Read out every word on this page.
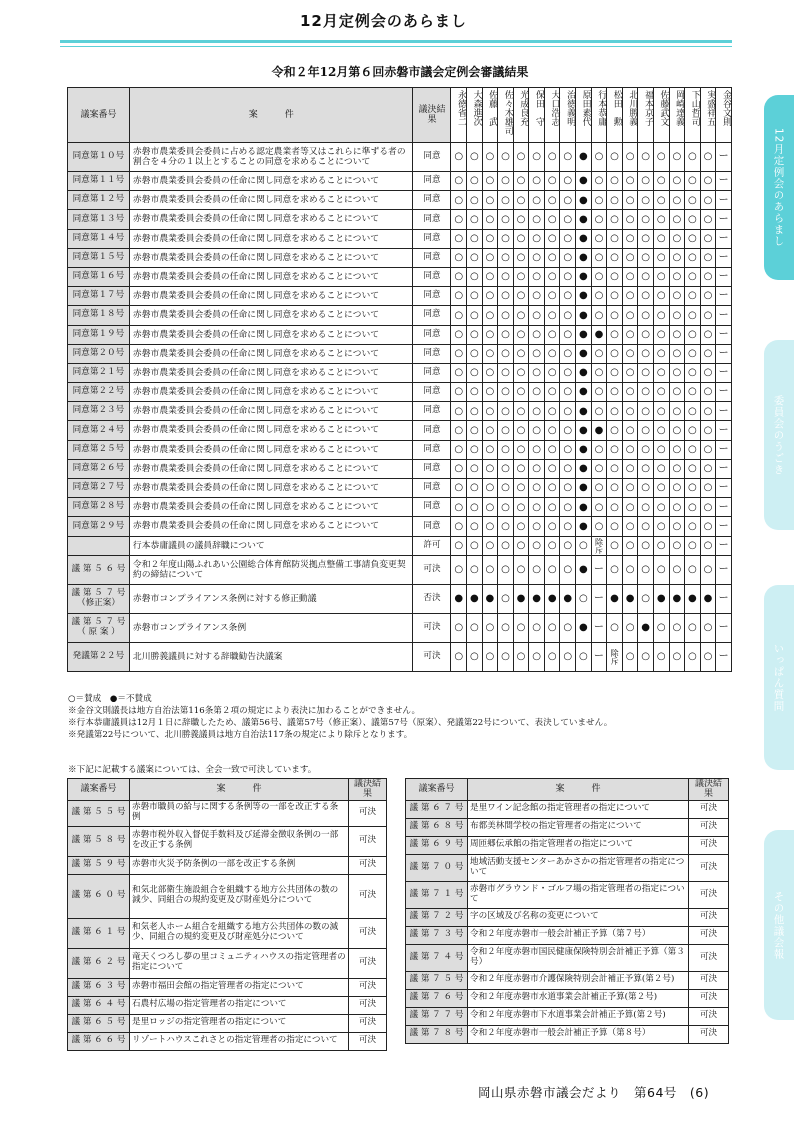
12月定例会のあらまし
令和２年12月第６回赤磐市議会定例会審議結果
議案番号	案　　　件	議決結果	永徳省二	大森進次	佐藤　武	佐々木雄司	光成良充	保田　守	大口浩志	治徳義明	原田素代	行本恭庸	松田　勲	北川勝義	福本京子	佐藤武文	岡崎達義	下山哲司	実盛祥五	金谷文則
同意第１０号	赤磐市農業委員会委員に占める認定農業者等又はこれらに準ずる者の割合を４分の１以上とすることの同意を求めることについて	同意	○	○	○	○	○	○	○	○	●	○	○	○	○	○	○	○	○	ー
同意第１１号	赤磐市農業委員会委員の任命に関し同意を求めることについて	同意	○	○	○	○	○	○	○	○	●	○	○	○	○	○	○	○	○	ー
同意第１２号	赤磐市農業委員会委員の任命に関し同意を求めることについて	同意	○	○	○	○	○	○	○	○	●	○	○	○	○	○	○	○	○	ー
同意第１３号	赤磐市農業委員会委員の任命に関し同意を求めることについて	同意	○	○	○	○	○	○	○	○	●	○	○	○	○	○	○	○	○	ー
同意第１４号	赤磐市農業委員会委員の任命に関し同意を求めることについて	同意	○	○	○	○	○	○	○	○	●	○	○	○	○	○	○	○	○	ー
同意第１５号	赤磐市農業委員会委員の任命に関し同意を求めることについて	同意	○	○	○	○	○	○	○	○	●	○	○	○	○	○	○	○	○	ー
同意第１６号	赤磐市農業委員会委員の任命に関し同意を求めることについて	同意	○	○	○	○	○	○	○	○	●	○	○	○	○	○	○	○	○	ー
同意第１７号	赤磐市農業委員会委員の任命に関し同意を求めることについて	同意	○	○	○	○	○	○	○	○	●	○	○	○	○	○	○	○	○	ー
同意第１８号	赤磐市農業委員会委員の任命に関し同意を求めることについて	同意	○	○	○	○	○	○	○	○	●	○	○	○	○	○	○	○	○	ー
同意第１９号	赤磐市農業委員会委員の任命に関し同意を求めることについて	同意	○	○	○	○	○	○	○	○	●	●	○	○	○	○	○	○	○	ー
同意第２０号	赤磐市農業委員会委員の任命に関し同意を求めることについて	同意	○	○	○	○	○	○	○	○	●	○	○	○	○	○	○	○	○	ー
同意第２１号	赤磐市農業委員会委員の任命に関し同意を求めることについて	同意	○	○	○	○	○	○	○	○	●	○	○	○	○	○	○	○	○	ー
同意第２２号	赤磐市農業委員会委員の任命に関し同意を求めることについて	同意	○	○	○	○	○	○	○	○	●	○	○	○	○	○	○	○	○	ー
同意第２３号	赤磐市農業委員会委員の任命に関し同意を求めることについて	同意	○	○	○	○	○	○	○	○	●	○	○	○	○	○	○	○	○	ー
同意第２４号	赤磐市農業委員会委員の任命に関し同意を求めることについて	同意	○	○	○	○	○	○	○	○	●	●	○	○	○	○	○	○	○	ー
同意第２５号	赤磐市農業委員会委員の任命に関し同意を求めることについて	同意	○	○	○	○	○	○	○	○	●	○	○	○	○	○	○	○	○	ー
同意第２６号	赤磐市農業委員会委員の任命に関し同意を求めることについて	同意	○	○	○	○	○	○	○	○	●	○	○	○	○	○	○	○	○	ー
同意第２７号	赤磐市農業委員会委員の任命に関し同意を求めることについて	同意	○	○	○	○	○	○	○	○	●	○	○	○	○	○	○	○	○	ー
同意第２８号	赤磐市農業委員会委員の任命に関し同意を求めることについて	同意	○	○	○	○	○	○	○	○	●	○	○	○	○	○	○	○	○	ー
同意第２９号	赤磐市農業委員会委員の任命に関し同意を求めることについて	同意	○	○	○	○	○	○	○	○	●	○	○	○	○	○	○	○	○	ー
	行本恭庸議員の議員辞職について	許可	○	○	○	○	○	○	○	○	○	除斥	○	○	○	○	○	○	○	ー
議 第 ５ ６ 号	令和２年度山陽ふれあい公園総合体育館防災拠点整備工事請負変更契約の締結について	可決	○	○	○	○	○	○	○	○	●	ー	○	○	○	○	○	○	○	ー
議 第 ５ ７ 号
（修正案）	赤磐市コンプライアンス条例に対する修正動議	否決	●	●	●	○	●	●	●	●	○	ー	●	●	○	●	●	●	●	ー
議 第 ５ ７ 号
（ 原 案 ）	赤磐市コンプライアンス条例	可決	○	○	○	○	○	○	○	○	●	ー	○	○	●	○	○	○	○	ー
発議第２２号	北川勝義議員に対する辞職勧告決議案	可決	○	○	○	○	○	○	○	○	○	ー	除斥	○	○	○	○	○	○	ー
○＝賛成　●＝不賛成
※金谷文則議長は地方自治法第116条第２項の規定により表決に加わることができません。
※行本恭庸議員は12月１日に辞職したため、議第56号、議第57号（修正案）、議第57号（原案）、発議第22号について、表決していません。
※発議第22号について、北川勝義議員は地方自治法117条の規定により除斥となります。
※下記に記載する議案については、全会一致で可決しています。
議案番号	案　　　件	議決結果
議 第 ５ ５ 号	赤磐市職員の給与に関する条例等の一部を改正する条例	可決
議 第 ５ ８ 号	赤磐市税外収入督促手数料及び延滞金徴収条例の一部を改正する条例	可決
議 第 ５ ９ 号	赤磐市火災予防条例の一部を改正する条例	可決
議 第 ６ ０ 号	和気北部衛生施設組合を組織する地方公共団体の数の減少、同組合の規約変更及び財産処分について	可決
議 第 ６ １ 号	和気老人ホーム組合を組織する地方公共団体の数の減少、同組合の規約変更及び財産処分について	可決
議 第 ６ ２ 号	竜天くつろし夢の里コミュニティハウスの指定管理者の指定について	可決
議 第 ６ ３ 号	赤磐市福田会館の指定管理者の指定について	可決
議 第 ６ ４ 号	石農村広場の指定管理者の指定について	可決
議 第 ６ ５ 号	是里ロッジの指定管理者の指定について	可決
議 第 ６ ６ 号	リゾートハウスこれさとの指定管理者の指定について	可決
議案番号	案　　　件	議決結果
議 第 ６ ７ 号	是里ワイン記念館の指定管理者の指定について	可決
議 第 ６ ８ 号	布都美林間学校の指定管理者の指定について	可決
議 第 ６ ９ 号	周匝郷伝承館の指定管理者の指定について	可決
議 第 ７ ０ 号	地域活動支援センターあかさかの指定管理者の指定について	可決
議 第 ７ １ 号	赤磐市グラウンド・ゴルフ場の指定管理者の指定について	可決
議 第 ７ ２ 号	字の区域及び名称の変更について	可決
議 第 ７ ３ 号	令和２年度赤磐市一般会計補正予算（第７号）	可決
議 第 ７ ４ 号	令和２年度赤磐市国民健康保険特別会計補正予算（第３号）	可決
議 第 ７ ５ 号	令和２年度赤磐市介護保険特別会計補正予算(第２号)	可決
議 第 ７ ６ 号	令和２年度赤磐市水道事業会計補正予算(第２号)	可決
議 第 ７ ７ 号	令和２年度赤磐市下水道事業会計補正予算(第２号)	可決
議 第 ７ ８ 号	令和２年度赤磐市一般会計補正予算（第８号）	可決
岡山県赤磐市議会だより　第64号　(6)
12月定例会のあらまし
委員会のうごき
いっぱん質問
その他議会報
